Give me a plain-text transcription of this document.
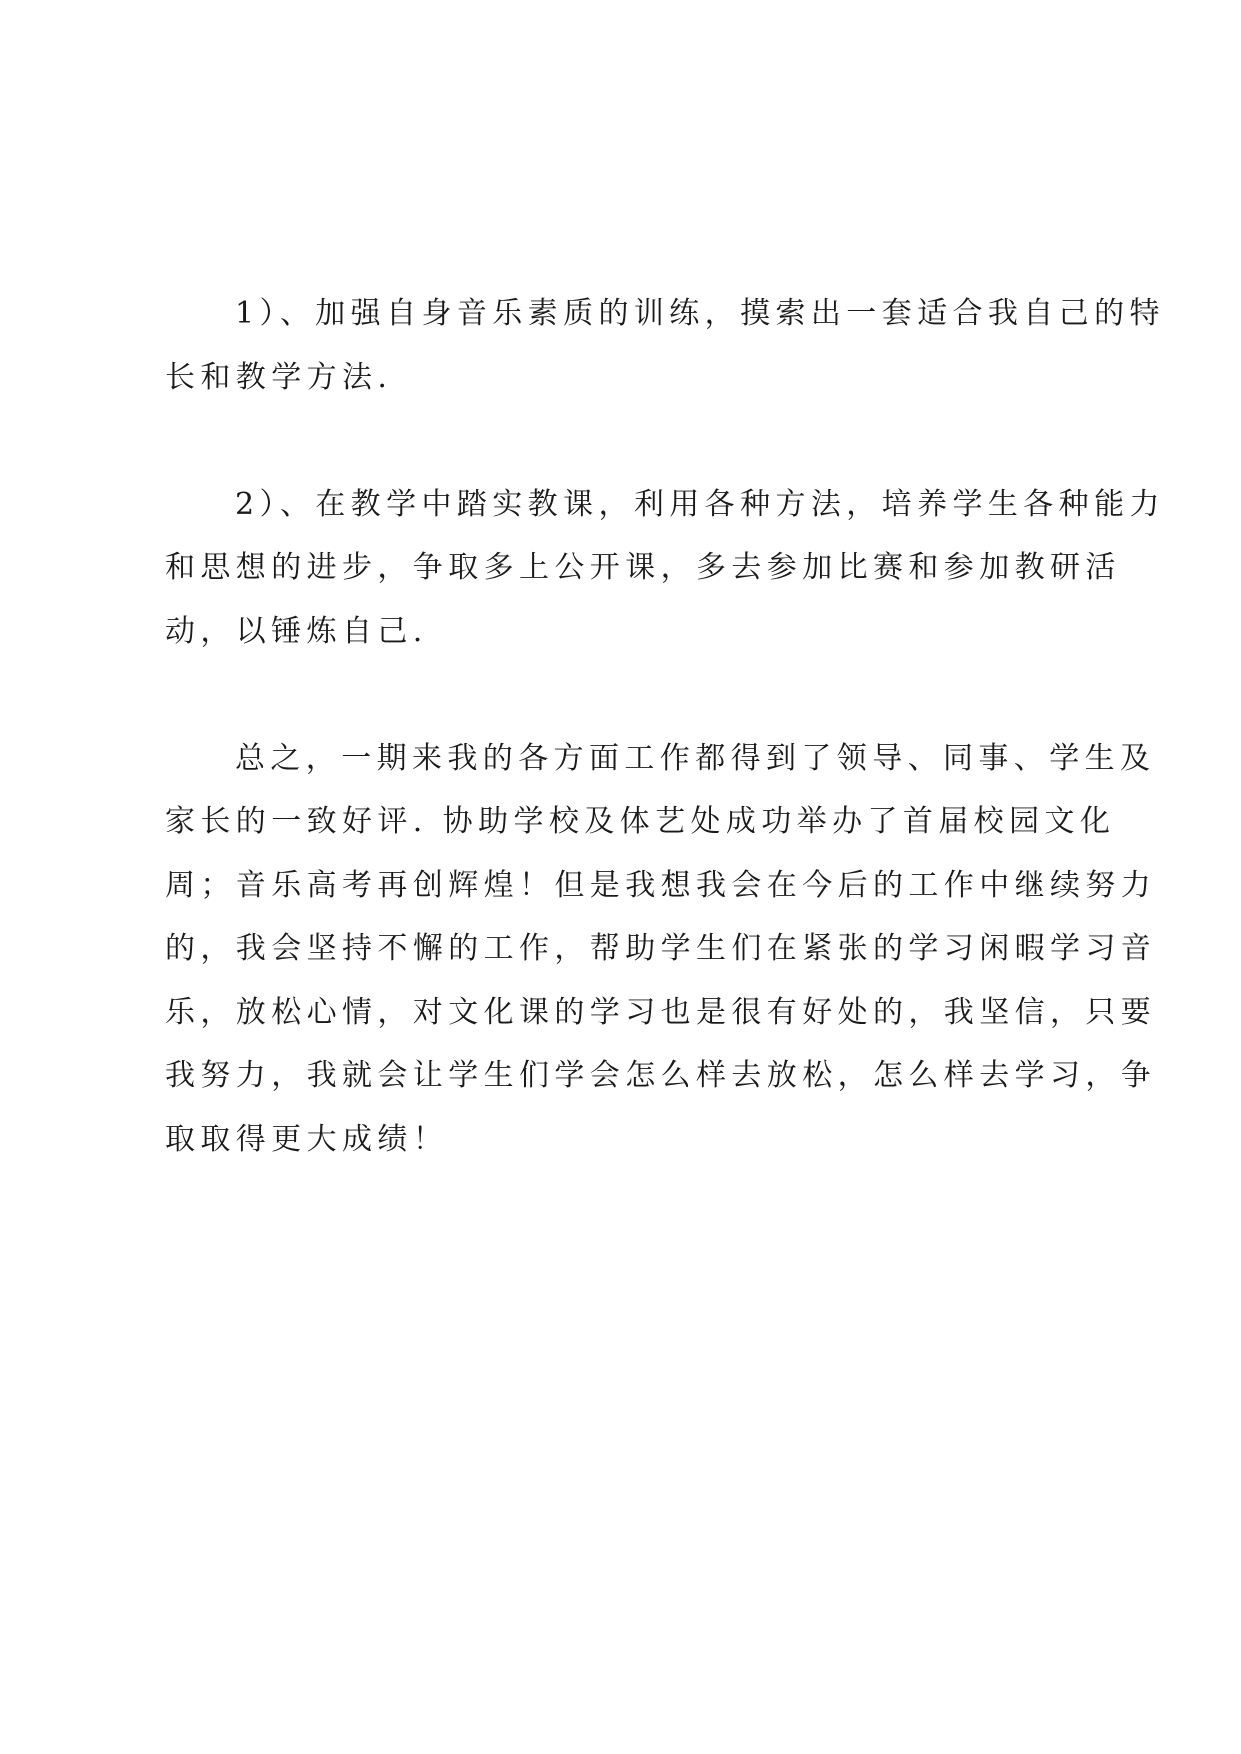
1）、加强自身音乐素质的训练，摸索出一套适合我自己的特
长和教学方法.

2）、在教学中踏实教课，利用各种方法，培养学生各种能力
和思想的进步，争取多上公开课，多去参加比赛和参加教研活
动，以锤炼自己.

总之，一期来我的各方面工作都得到了领导、同事、学生及
家长的一致好评. 协助学校及体艺处成功举办了首届校园文化
周；音乐高考再创辉煌！但是我想我会在今后的工作中继续努力
的，我会坚持不懈的工作，帮助学生们在紧张的学习闲暇学习音
乐，放松心情，对文化课的学习也是很有好处的，我坚信，只要
我努力，我就会让学生们学会怎么样去放松，怎么样去学习，争
取取得更大成绩！
